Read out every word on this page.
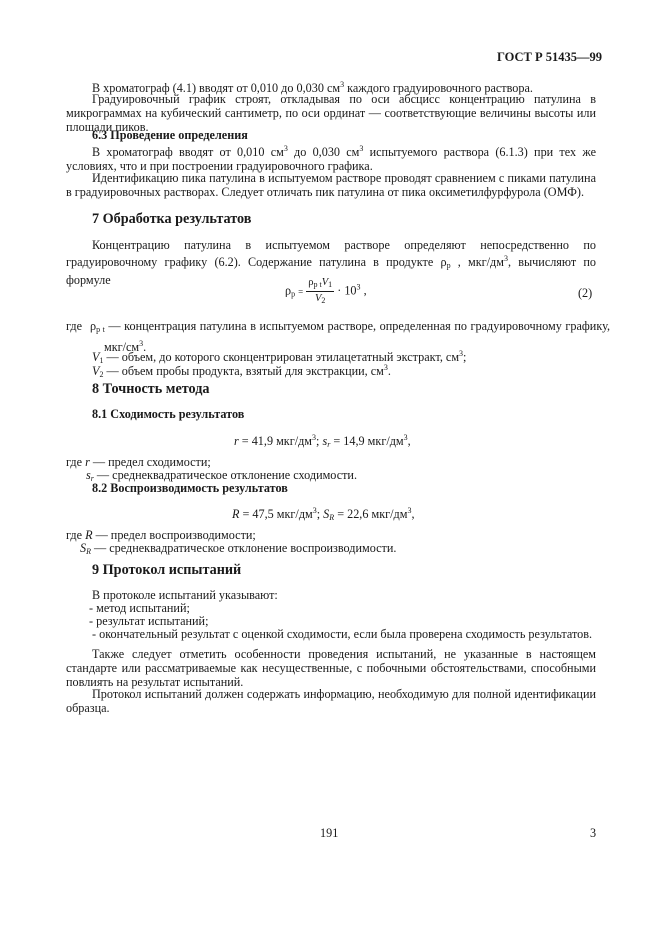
ГОСТ Р 51435—99
В хроматограф (4.1) вводят от 0,010 до 0,030 $см^3$ каждого градуировочного раствора.
Градуировочный график строят, откладывая по оси абсцисс концентрацию патулина в микрограммах на кубический сантиметр, по оси ординат — соответствующие величины высоты или площади пиков.
6.3 Проведение определения
В хроматограф вводят от 0,010 $см^3$ до 0,030 $см^3$ испытуемого раствора (6.1.3) при тех же условиях, что и при построении градуировочного графика.
Идентификацию пика патулина в испытуемом растворе проводят сравнением с пиками патулина в градуировочных растворах. Следует отличать пик патулина от пика оксиметилфурфурола (ОМФ).
7 Обработка результатов
Концентрацию патулина в испытуемом растворе определяют непосредственно по градуировочному графику (6.2). Содержание патулина в продукте $\rho_p$ , мкг/$дм^3$, вычисляют по формуле
$\rho_p = \frac{\rho_{p t}V_1}{V_2} \cdot 10^3$ ,	(2)
где $\rho_{p t}$ — концентрация патулина в испытуемом растворе, определенная по градуировочному графику, мкг/$см^3$.
$V_1$ — объем, до которого сконцентрирован этилацетатный экстракт, $см^3$;
$V_2$ — объем пробы продукта, взятый для экстракции, $см^3$.
8 Точность метода
8.1 Сходимость результатов
r = 41,9 мкг/$дм^3$; $s_r = 14,9$ мкг/$дм^3$,
где r — предел сходимости;
$s_r$ — среднеквадратическое отклонение сходимости.
8.2 Воспроизводимость результатов
R = 47,5 мкг/$дм^3$; $S_R = 22,6$ мкг/$дм^3$,
где R — предел воспроизводимости;
$S_R$ — среднеквадратическое отклонение воспроизводимости.
9 Протокол испытаний
В протоколе испытаний указывают:
- метод испытаний;
- результат испытаний;
- окончательный результат с оценкой сходимости, если была проверена сходимость результатов.
Также следует отметить особенности проведения испытаний, не указанные в настоящем стандарте или рассматриваемые как несущественные, с побочными обстоятельствами, способными повлиять на результат испытаний.
Протокол испытаний должен содержать информацию, необходимую для полной идентификации образца.
191	3
